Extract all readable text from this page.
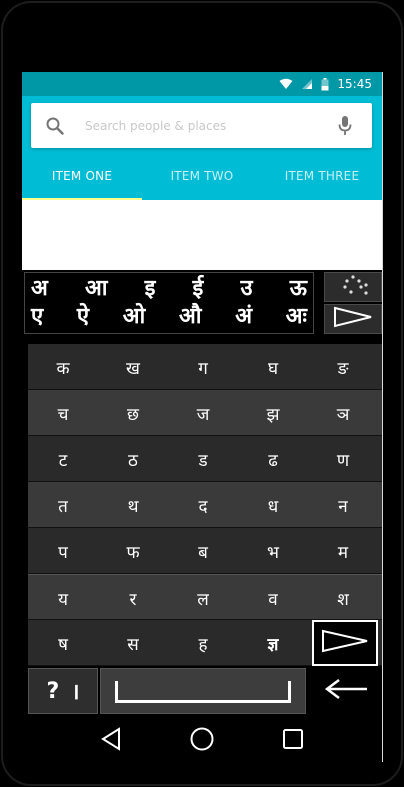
15:45
Search people & places
ITEM ONE	ITEM TWO	ITEM THREE
अ आ इ ई उ ऊ
ए ऐ ओ औ अं अः
क	ख	ग	घ	ङ
च	छ	ज	झ	ञ
ट	ठ	ड	ढ	ण
त	थ	द	ध	न
प	फ	ब	भ	म
य	र	ल	व	श
ष	स	ह	ज्ञ
? ।
